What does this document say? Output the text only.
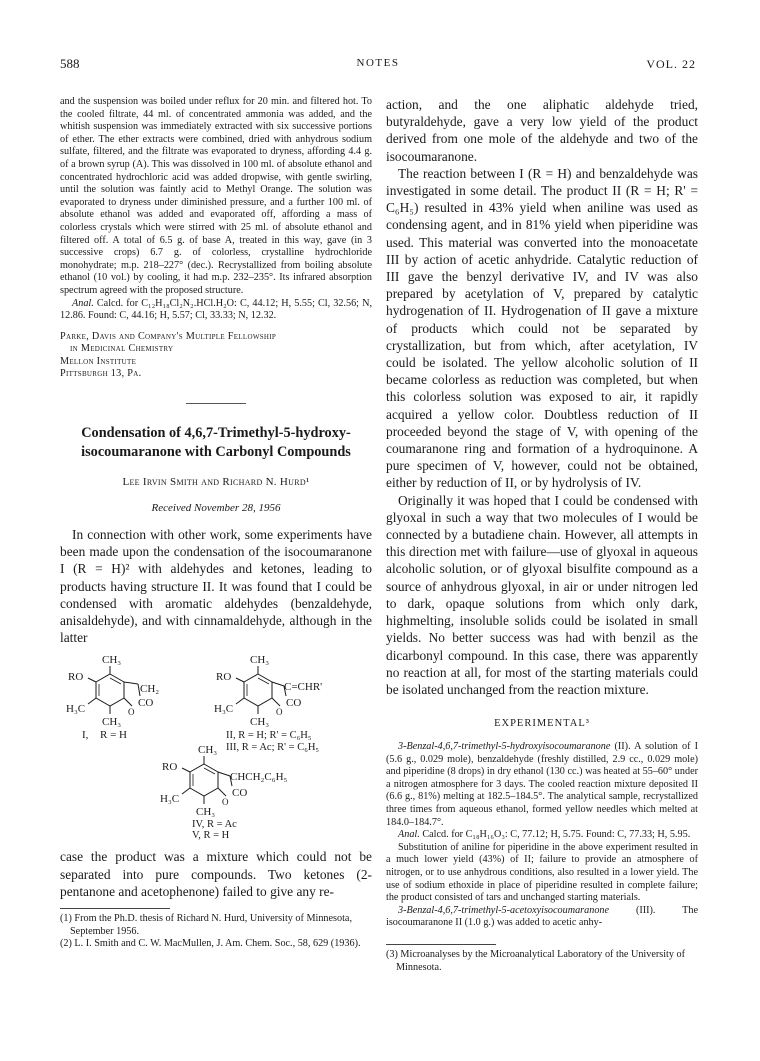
588	NOTES	VOL. 22

and the suspension was boiled under reflux for 20 min. and filtered hot. To the cooled filtrate, 44 ml. of concentrated ammonia was added, and the whitish suspension was immediately extracted with six successive portions of ether. The ether extracts were combined, dried with anhydrous sodium sulfate, filtered, and the filtrate was evaporated to dryness, affording 4.4 g. of a brown syrup (A). This was dissolved in 100 ml. of absolute ethanol and concentrated hydrochloric acid was added dropwise, with gentle swirling, until the solution was faintly acid to Methyl Orange. The solution was evaporated to dryness under diminished pressure, and a further 100 ml. of absolute ethanol was added and evaporated off, affording a mass of colorless crystals which were stirred with 25 ml. of absolute ethanol and filtered off. A total of 6.5 g. of base A, treated in this way, gave (in 3 successive crops) 6.7 g. of colorless, crystalline hydrochloride monohydrate; m.p. 218–227° (dec.). Recrystallized from boiling absolute ethanol (10 vol.) by cooling, it had m.p. 232–235°. Its infrared absorption spectrum agreed with the proposed structure.

Anal. Calcd. for C₁₂H₁₈Cl₂N₂.HCl.H₂O: C, 44.12; H, 5.55; Cl, 32.56; N, 12.86. Found: C, 44.16; H, 5.57; Cl, 33.33; N, 12.32.

Parke, Davis and Company's Multiple Fellowship
in Medicinal Chemistry
Mellon Institute
Pittsburgh 13, Pa.
Condensation of 4,6,7-Trimethyl-5-hydroxy-
isocoumaranone with Carbonyl Compounds
Lee Irvin Smith and Richard N. Hurd¹
Received November 28, 1956

In connection with other work, some experiments have been made upon the condensation of the isocoumaranone I (R = H)² with aldehydes and ketones, leading to products having structure II. It was found that I could be condensed with aromatic aldehydes (benzaldehyde, anisaldehyde), and with cinnamaldehyde, although in the latter

CH₃
RO
CH₂
CO
O
H₃C
CH₃
I, R = H
CH₃
RO
C=CHR'
CO
O
H₃C
CH₃
II, R = H; R' = C₆H₅
III, R = Ac; R' = C₆H₅
CH₃
RO
CHCH₂C₆H₅
CO
O
H₃C
CH₃
IV, R = Ac
V, R = H

case the product was a mixture which could not be separated into pure compounds. Two ketones (2-pentanone and acetophenone) failed to give any re-

(1) From the Ph.D. thesis of Richard N. Hurd, University of Minnesota, September 1956.

(2) L. I. Smith and C. W. MacMullen, J. Am. Chem. Soc., 58, 629 (1936).

action, and the one aliphatic aldehyde tried, butyraldehyde, gave a very low yield of the product derived from one mole of the aldehyde and two of the isocoumaranone.

The reaction between I (R = H) and benzaldehyde was investigated in some detail. The product II (R = H; R' = C₆H₅) resulted in 43% yield when aniline was used as condensing agent, and in 81% yield when piperidine was used. This material was converted into the monoacetate III by action of acetic anhydride. Catalytic reduction of III gave the benzyl derivative IV, and IV was also prepared by acetylation of V, prepared by catalytic hydrogenation of II. Hydrogenation of II gave a mixture of products which could not be separated by crystallization, but from which, after acetylation, IV could be isolated. The yellow alcoholic solution of II became colorless as reduction was completed, but when this colorless solution was exposed to air, it rapidly acquired a yellow color. Doubtless reduction of II proceeded beyond the stage of V, with opening of the coumaranone ring and formation of a hydroquinone. A pure specimen of V, however, could not be obtained, either by reduction of II, or by hydrolysis of IV.

Originally it was hoped that I could be condensed with glyoxal in such a way that two molecules of I would be connected by a butadiene chain. However, all attempts in this direction met with failure—use of glyoxal in aqueous alcoholic solution, or of glyoxal bisulfite compound as a source of anhydrous glyoxal, in air or under nitrogen led to dark, opaque solutions from which only dark, highmelting, insoluble solids could be isolated in small yields. No better success was had with benzil as the dicarbonyl compound. In this case, there was apparently no reaction at all, for most of the starting materials could be isolated unchanged from the reaction mixture.

EXPERIMENTAL³

3-Benzal-4,6,7-trimethyl-5-hydroxyisocoumaranone (II). A solution of I (5.6 g., 0.029 mole), benzaldehyde (freshly distilled, 2.9 cc., 0.029 mole) and piperidine (8 drops) in dry ethanol (130 cc.) was heated at 55–60° under a nitrogen atmosphere for 3 days. The cooled reaction mixture deposited II (6.6 g., 81%) melting at 182.5–184.5°. The analytical sample, recrystallized three times from aqueous ethanol, formed yellow needles which melted at 184.0–184.7°.

Anal. Calcd. for C₁₈H₁₆O₃: C, 77.12; H, 5.75. Found: C, 77.33; H, 5.95.

Substitution of aniline for piperidine in the above experiment resulted in a much lower yield (43%) of II; failure to provide an atmosphere of nitrogen, or to use anhydrous conditions, also resulted in a lower yield. The use of sodium ethoxide in place of piperidine resulted in complete failure; the product consisted of tars and unchanged starting materials.

3-Benzal-4,6,7-trimethyl-5-acetoxyisocoumaranone (III). The isocoumaranone II (1.0 g.) was added to acetic anhy-

(3) Microanalyses by the Microanalytical Laboratory of the University of Minnesota.
